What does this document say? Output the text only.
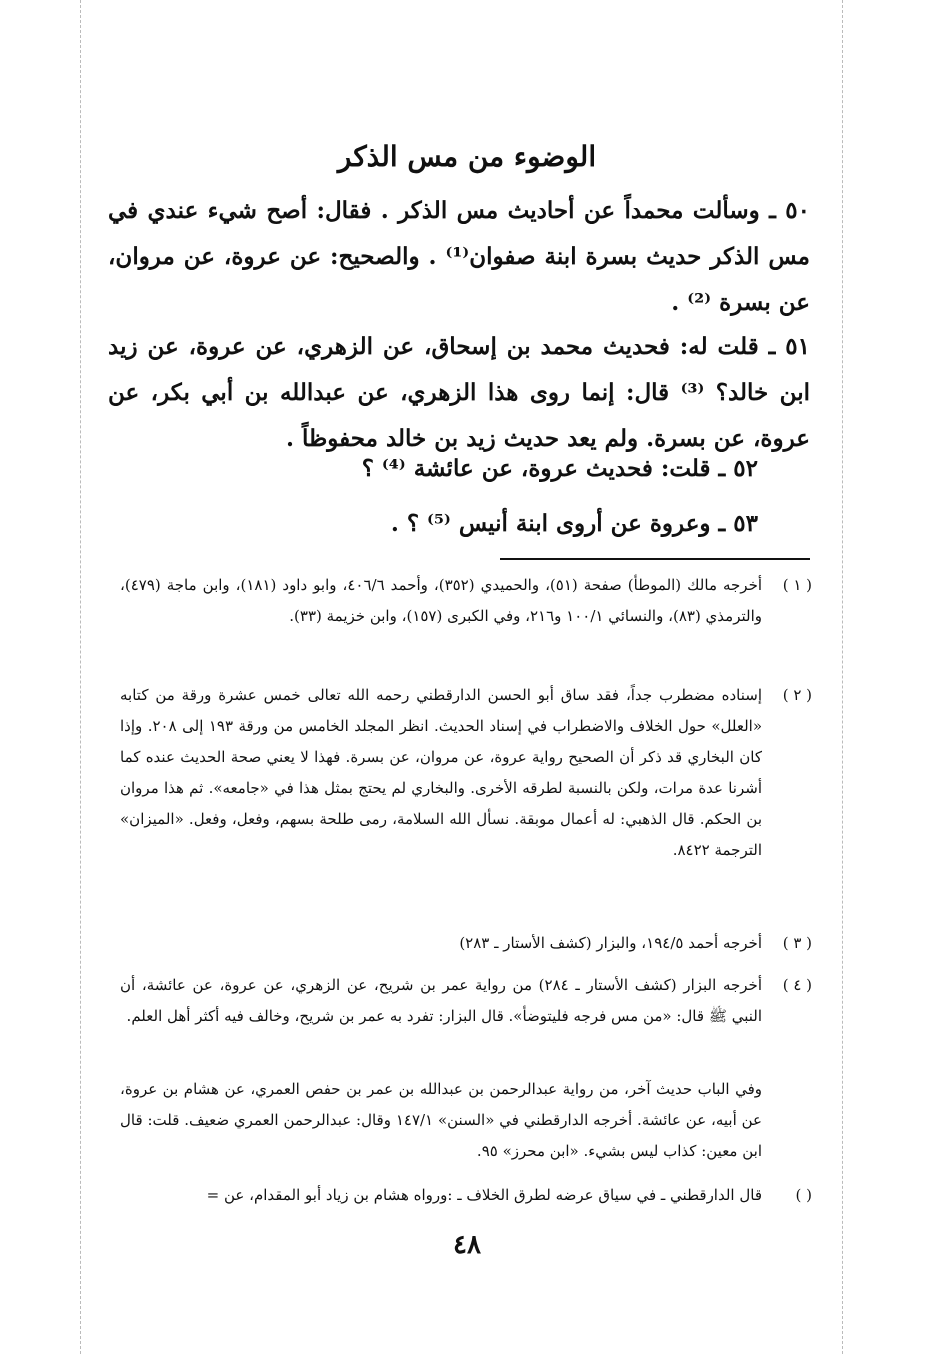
الوضوء من مس الذكر

٥٠ ـ وسألت محمداً عن أحاديث مس الذكر . فقال: أصح شيء عندي في مس الذكر حديث بسرة ابنة صفوان⁽¹⁾ . والصحيح: عن عروة، عن مروان، عن بسرة ⁽²⁾ .

٥١ ـ قلت له: فحديث محمد بن إسحاق، عن الزهري، عن عروة، عن زيد ابن خالد؟ ⁽³⁾ قال: إنما روى هذا الزهري، عن عبدالله بن أبي بكر، عن عروة، عن بسرة. ولم يعد حديث زيد بن خالد محفوظاً .

٥٢ ـ قلت: فحديث عروة، عن عائشة ⁽⁴⁾ ؟
٥٣ ـ وعروة عن أروى ابنة أنيس ⁽⁵⁾ ؟ .
( ١ )
أخرجه مالك (الموطأ) صفحة (٥١)، والحميدي (٣٥٢)، وأحمد ٤٠٦/٦، وابو داود (١٨١)، وابن ماجة (٤٧٩)، والترمذي (٨٣)، والنسائي ١٠٠/١ و٢١٦، وفي الكبرى (١٥٧)، وابن خزيمة (٣٣).
( ٢ )
إسناده مضطرب جداً، فقد ساق أبو الحسن الدارقطني رحمه الله تعالى خمس عشرة ورقة من كتابه «العلل» حول الخلاف والاضطراب في إسناد الحديث. انظر المجلد الخامس من ورقة ١٩٣ إلى ٢٠٨. وإذا كان البخاري قد ذكر أن الصحيح رواية عروة، عن مروان، عن بسرة. فهذا لا يعني صحة الحديث عنده كما أشرنا عدة مرات، ولكن بالنسبة لطرقه الأخرى. والبخاري لم يحتج بمثل هذا في «جامعه». ثم هذا مروان بن الحكم. قال الذهبي: له أعمال موبقة. نسأل الله السلامة، رمى طلحة بسهم، وفعل، وفعل. «الميزان» الترجمة ٨٤٢٢.
( ٣ )
أخرجه أحمد ١٩٤/٥، والبزار (كشف الأستار ـ ٢٨٣)
( ٤ )
أخرجه البزار (كشف الأستار ـ ٢٨٤) من رواية عمر بن شريح، عن الزهري، عن عروة، عن عائشة، أن النبي ﷺ قال: «من مس فرجه فليتوضأ». قال البزار: تفرد به عمر بن شريح، وخالف فيه أكثر أهل العلم.
وفي الباب حديث آخر، من رواية عبدالرحمن بن عبدالله بن عمر بن حفص العمري، عن هشام بن عروة، عن أبيه، عن عائشة. أخرجه الدارقطني في «السنن» ١٤٧/١ وقال: عبدالرحمن العمري ضعيف. قلت: قال ابن معين: كذاب ليس بشيء. «ابن محرز» ٩٥.
( )
قال الدارقطني ـ في سياق عرضه لطرق الخلاف ـ :ورواه هشام بن زياد أبو المقدام، عن =
٤٨
